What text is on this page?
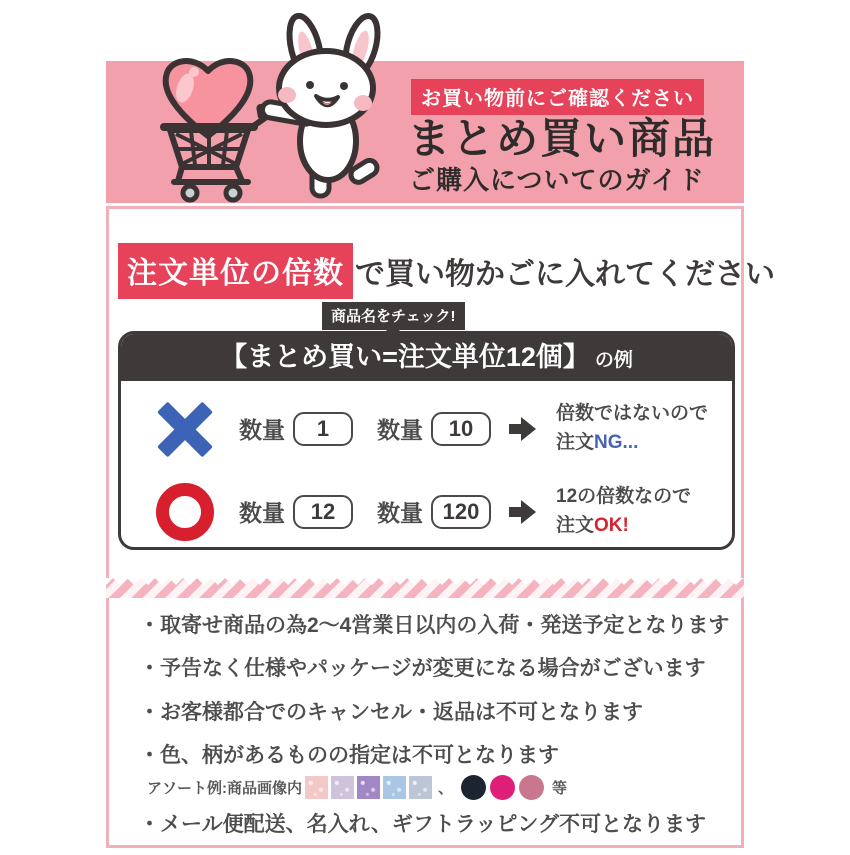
お買い物前にご確認ください
まとめ買い商品
ご購入についてのガイド
注文単位の倍数 で買い物かごに入れてください
商品名をチェック!
【まとめ買い=注文単位12個】 の例
数量	1	数量	10
倍数ではないので
注文NG...
数量	12	数量 120
12の倍数なので
注文OK!
・取寄せ商品の為2〜4営業日以内の入荷・発送予定となります
・予告なく仕様やパッケージが変更になる場合がございます
・お客様都合でのキャンセル・返品は不可となります
・色、柄があるものの指定は不可となります
アソート例:商品画像内	、	等
・メール便配送、名入れ、ギフトラッピング不可となります
